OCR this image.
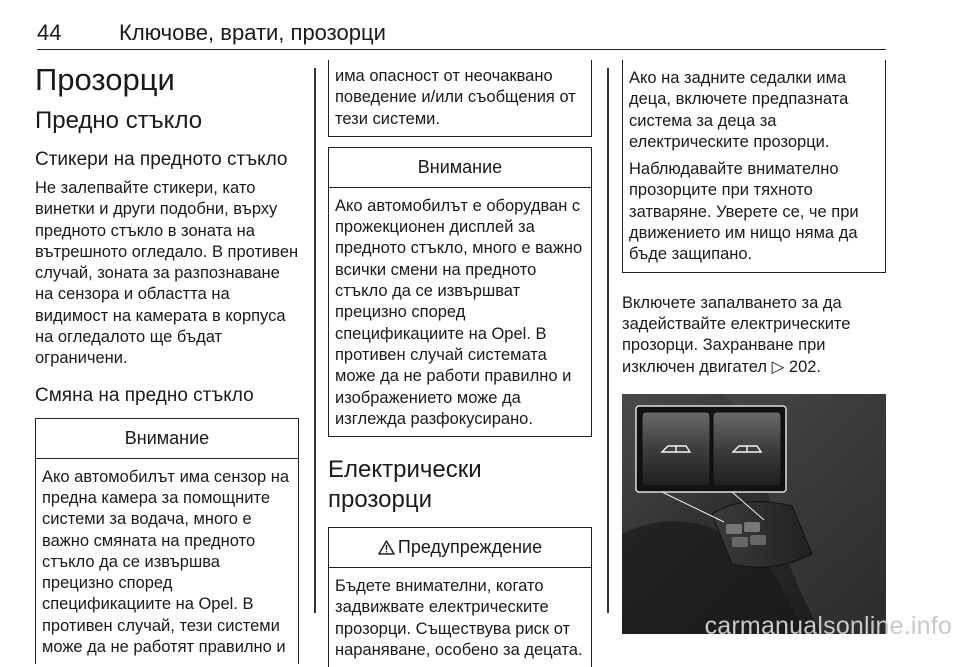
44	Ключове, врати, прозорци
Прозорци
Предно стъкло
Стикери на предното стъкло

Не залепвайте стикери, като винетки и други подобни, върху предното стъкло в зоната на вътрешното огледало. В противен случай, зоната за разпознаване на сензора и областта на видимост на камерата в корпуса на огледалото ще бъдат ограничени.

Смяна на предно стъкло
Внимание

Ако автомобилът има сензор на предна камера за помощните системи за водача, много е важно смяната на предното стъкло да се извършва прецизно според спецификациите на Opel. В противен случай, тези системи може да не работят правилно и

има опасност от неочаквано поведение и/или съобщения от тези системи.

Внимание

Ако автомобилът е оборудван с прожекционен дисплей за предното стъкло, много е важно всички смени на предното стъкло да се извършват прецизно според спецификациите на Opel. В противен случай системата може да не работи правилно и изображението може да изглежда разфокусирано.

Електрически прозорци
Предупреждение

Бъдете внимателни, когато задвижвате електрическите прозорци. Съществува риск от нараняване, особено за децата.

Ако на задните седалки има деца, включете предпазната система за деца за електрическите прозорци.

Наблюдавайте внимателно прозорците при тяхното затваряне. Уверете се, че при движението им нищо няма да бъде защипано.

Включете запалването за да задействайте електрическите прозорци. Захранване при изключен двигател ▷ 202.

carmanualsonline.info
